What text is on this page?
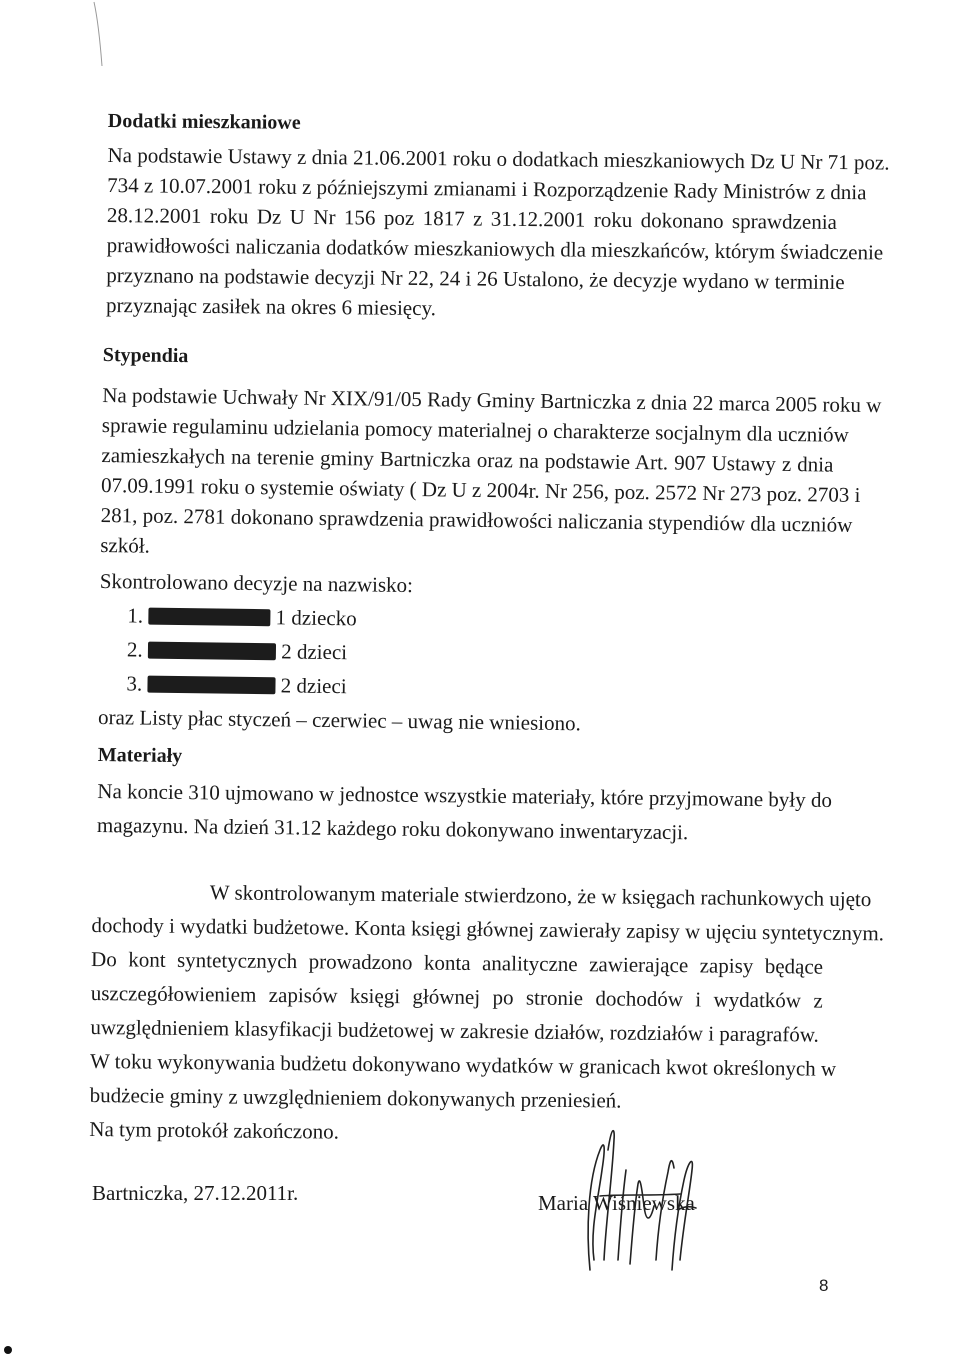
Dodatki mieszkaniowe
Na podstawie Ustawy z dnia 21.06.2001 roku o dodatkach mieszkaniowych Dz U Nr 71 poz.
734 z 10.07.2001 roku z późniejszymi zmianami i Rozporządzenie Rady Ministrów z dnia
28.12.2001 roku Dz U Nr 156 poz 1817 z 31.12.2001 roku dokonano sprawdzenia
prawidłowości naliczania dodatków mieszkaniowych dla mieszkańców, którym świadczenie
przyznano na podstawie decyzji Nr 22, 24 i 26 Ustalono, że decyzje wydano w terminie
przyznając zasiłek na okres 6 miesięcy.
Stypendia
Na podstawie Uchwały Nr XIX/91/05 Rady Gminy Bartniczka z dnia 22 marca 2005 roku w
sprawie regulaminu udzielania pomocy materialnej o charakterze socjalnym dla uczniów
zamieszkałych na terenie gminy Bartniczka oraz na podstawie Art. 907 Ustawy z dnia
07.09.1991 roku o systemie oświaty ( Dz U z 2004r. Nr 256, poz. 2572 Nr 273 poz. 2703 i
281, poz. 2781 dokonano sprawdzenia prawidłowości naliczania stypendiów dla uczniów
szkół.
Skontrolowano decyzje na nazwisko:
1.	1 dziecko
2.	2 dzieci
3.	2 dzieci
oraz Listy płac styczeń – czerwiec – uwag nie wniesiono.
Materiały
Na koncie 310 ujmowano w jednostce wszystkie materiały, które przyjmowane były do
magazynu. Na dzień 31.12 każdego roku dokonywano inwentaryzacji.
W skontrolowanym materiale stwierdzono, że w księgach rachunkowych ujęto
dochody i wydatki budżetowe. Konta księgi głównej zawierały zapisy w ujęciu syntetycznym.
Do kont syntetycznych prowadzono konta analityczne zawierające zapisy będące
uszczegółowieniem zapisów księgi głównej po stronie dochodów i wydatków z
uwzględnieniem klasyfikacji budżetowej w zakresie działów, rozdziałów i paragrafów.
W toku wykonywania budżetu dokonywano wydatków w granicach kwot określonych w
budżecie gminy z uwzględnieniem dokonywanych przeniesień.
Na tym protokół zakończono.
Bartniczka, 27.12.2011r.	Maria Wiśniewska
8
